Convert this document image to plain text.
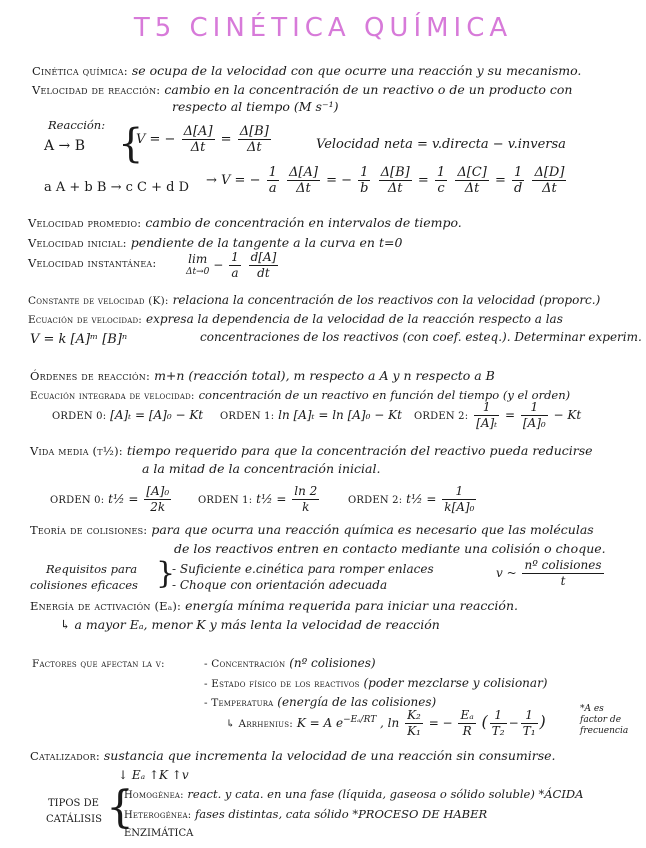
T5 CINÉTICA QUÍMICA
Cinética química: se ocupa de la velocidad con que ocurre una reacción y su mecanismo.
Velocidad de reacción: cambio en la concentración de un reactivo o de un producto con
respecto al tiempo (M s⁻¹)
Reacción:
A → B {
V = − $\frac{\Delta[A]}{\Delta t} = \frac{\Delta[B]}{\Delta t}$	Velocidad neta = v.directa − v.inversa
a A + b B → c C + d D → V = − $\frac{1}{a}$
$\frac{\Delta[A]}{\Delta t}$ = − $\frac{1}{b}$
$\frac{\Delta[B]}{\Delta t} = \frac{1}{c}$
$\frac{\Delta[C]}{\Delta t} = \frac{1}{d}$
$\frac{\Delta[D]}{\Delta t}$
Velocidad promedio: cambio de concentración en intervalos de tiempo.
Velocidad inicial: pendiente de la tangente a la curva en t=0
Velocidad instantánea:	lim
$\Delta t\to 0 - \frac{1}{a}$
$\frac{d[A]}{dt}$
Constante de velocidad (K): relaciona la concentración de los reactivos con la velocidad (proporc.)
Ecuación de velocidad: expresa la dependencia de la velocidad de la reacción respecto a las
concentraciones de los reactivos (con coef. esteq.). Determinar experim.
V = k [A]ᵐ [B]ⁿ
Órdenes de reacción: m+n (reacción total), m respecto a A y n respecto a B
Ecuación integrada de velocidad: concentración de un reactivo en función del tiempo (y el orden)
ORDEN 0: [A]ₜ = [A]₀ − Kt ORDEN 1: ln [A]ₜ = ln [A]₀ − Kt ORDEN 2: $\frac{1}{\text{[A]ₜ}} = \frac{1}{\text{[A]₀}} - Kt$
Vida media (t½): tiempo requerido para que la concentración del reactivo pueda reducirse
a la mitad de la concentración inicial.
ORDEN 0: t½ = $\frac{\text{[A]₀}}{2k}$	ORDEN 1: t½ = $\frac{\ln 2}{k}$	ORDEN 2: t½ = $\frac{1}{\text{k[A]₀}}$
Teoría de colisiones: para que ocurra una reacción química es necesario que las moléculas
de los reactivos entren en contacto mediante una colisión o choque.
Requisitos para
colisiones eficaces }
- Suficiente e.cinética para romper enlaces
- Choque con orientación adecuada
v ~ $\frac{\text{nº colisiones}}{t}$
Energía de activación (Eₐ): energía mínima requerida para iniciar una reacción.
↳ a mayor Eₐ, menor K y más lenta la velocidad de reacción
Factores que afectan la v:	- Concentración (nº colisiones)
- Estado físico de los reactivos (poder mezclarse y colisionar)
- Temperatura (energía de las colisiones)
↳ Arrhenius: K = A $e^{-E_a/RT}$ , $\ln \frac{\text{K₂}}{\text{K₁}}$ = − $\frac{\text{Eₐ}}{R}$ ( $\frac{1}{\text{T₂}} - \frac{1}{\text{T₁}}$ )
*A es
factor de
frecuencia
Catalizador: sustancia que incrementa la velocidad de una reacción sin consumirse.
↓ Eₐ ↑K ↑v
TIPOS DE
CATÁLISIS {
Homogénea: react. y cata. en una fase (líquida, gaseosa o sólido soluble) *ÁCIDA
Heterogénea: fases distintas, cata sólido *PROCESO DE HABER
ENZIMÁTICA
